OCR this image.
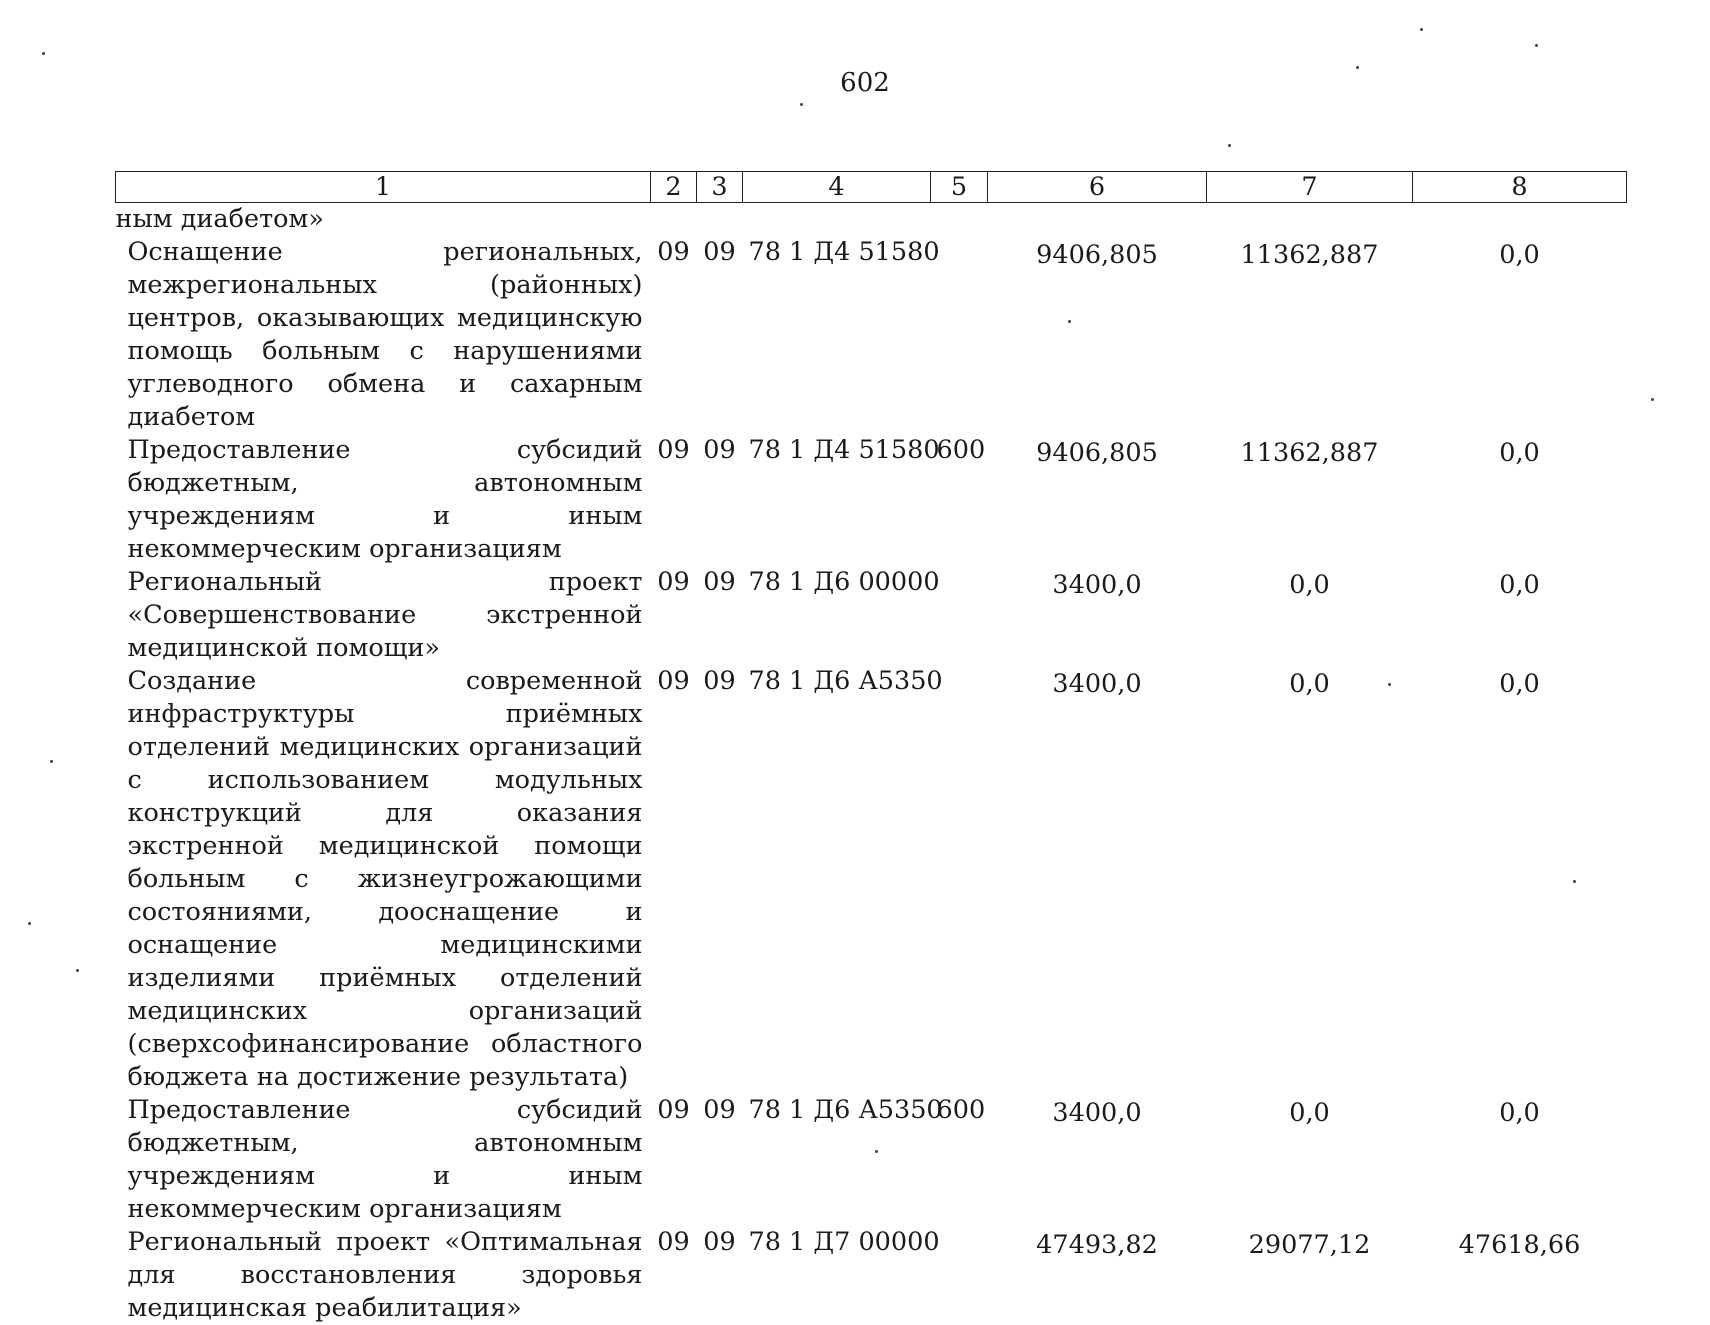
602
1	2	3	4	5	6	7	8
ным диабетом»							
Оснащение региональных, межрегиональных (районных) центров, оказывающих медицинскую помощь больным с нарушениями углеводного обмена и сахарным диабетом	09	09	78 1 Д4 51580		9406,805	11362,887	0,0
Предоставление субсидий бюджетным, автономным учреждениям и иным некоммерческим организациям	09	09	78 1 Д4 51580	600	9406,805	11362,887	0,0
Региональный проект «Совершенствование экстренной медицинской помощи»	09	09	78 1 Д6 00000		3400,0	0,0	0,0
Создание современной инфраструктуры приёмных отделений медицинских организаций с использованием модульных конструкций для оказания экстренной медицинской помощи больным с жизнеугрожающими состояниями, дооснащение и оснащение медицинскими изделиями приёмных отделений медицинских организаций (сверхсофинансирование областного бюджета на достижение результата)	09	09	78 1 Д6 А5350		3400,0	0,0	0,0
Предоставление субсидий бюджетным, автономным учреждениям и иным некоммерческим организациям	09	09	78 1 Д6 А5350	600	3400,0	0,0	0,0
Региональный проект «Оптимальная для восстановления здоровья медицинская реабилитация»	09	09	78 1 Д7 00000		47493,82	29077,12	47618,66
